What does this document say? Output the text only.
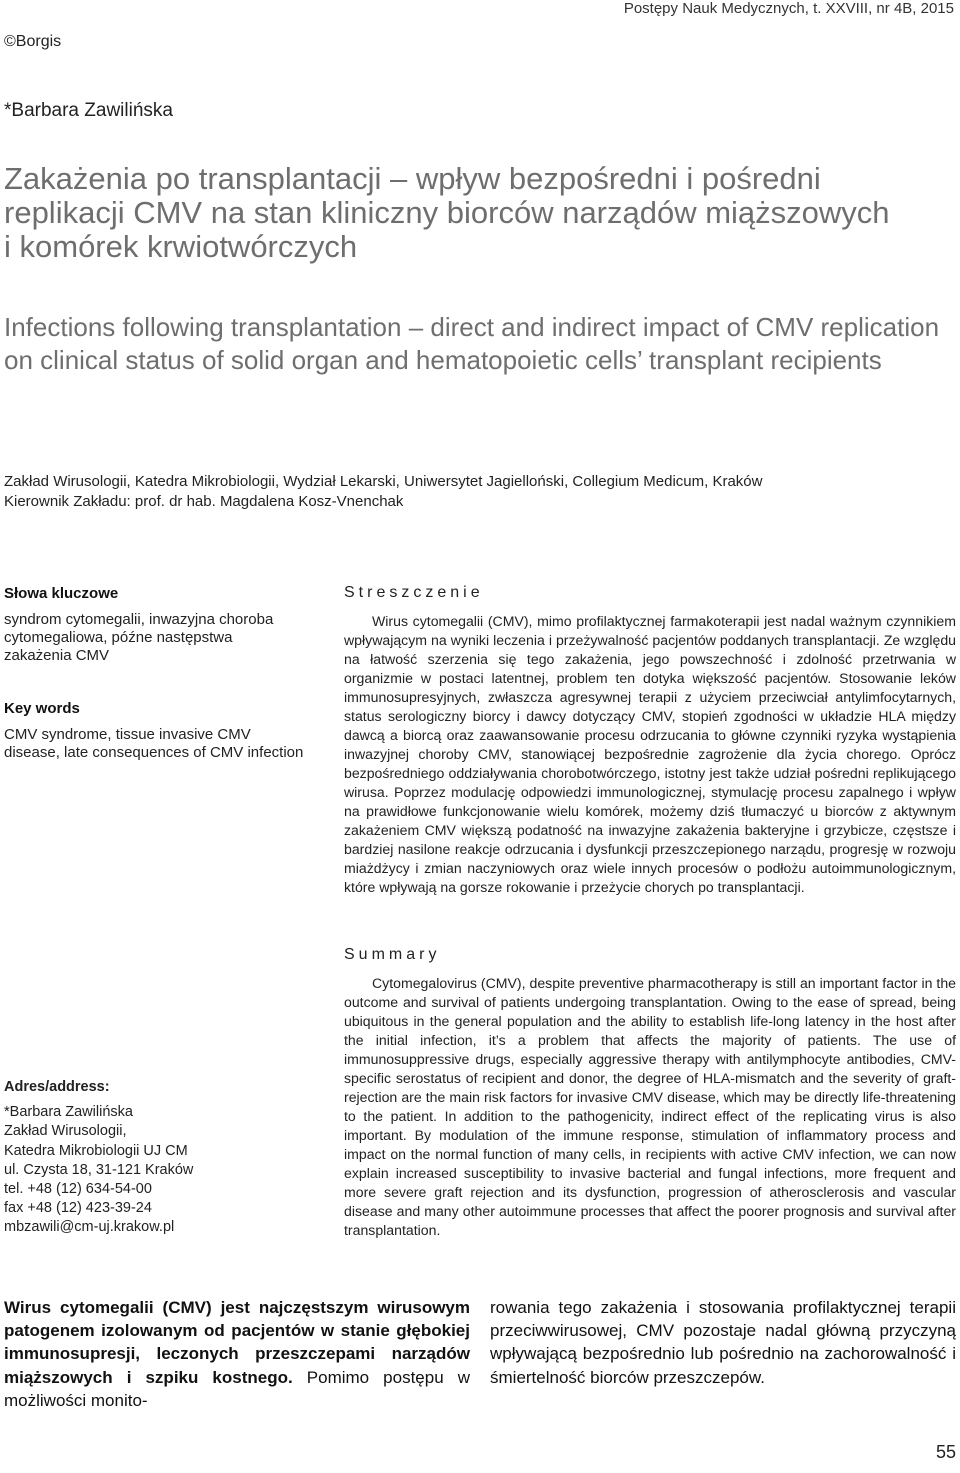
Postępy Nauk Medycznych, t. XXVIII, nr 4B, 2015
©Borgis
*Barbara Zawilińska
Zakażenia po transplantacji – wpływ bezpośredni i pośredni replikacji CMV na stan kliniczny biorców narządów miąższowych i komórek krwiotwórczych
Infections following transplantation – direct and indirect impact of CMV replication on clinical status of solid organ and hematopoietic cells’ transplant recipients
Zakład Wirusologii, Katedra Mikrobiologii, Wydział Lekarski, Uniwersytet Jagielloński, Collegium Medicum, Kraków
Kierownik Zakładu: prof. dr hab. Magdalena Kosz-Vnenchak
Słowa kluczowe
syndrom cytomegalii, inwazyjna choroba cytomegaliowa, późne następstwa zakażenia CMV
Key words
CMV syndrome, tissue invasive CMV disease, late consequences of CMV infection
Streszczenie
Wirus cytomegalii (CMV), mimo profilaktycznej farmakoterapii jest nadal ważnym czynnikiem wpływającym na wyniki leczenia i przeżywalność pacjentów poddanych transplantacji. Ze względu na łatwość szerzenia się tego zakażenia, jego powszechność i zdolność przetrwania w organizmie w postaci latentnej, problem ten dotyka większość pacjentów. Stosowanie leków immunosupresyjnych, zwłaszcza agresywnej terapii z użyciem przeciwciał antylimfocytarnych, status serologiczny biorcy i dawcy dotyczący CMV, stopień zgodności w układzie HLA między dawcą a biorcą oraz zaawansowanie procesu odrzucania to główne czynniki ryzyka wystąpienia inwazyjnej choroby CMV, stanowiącej bezpośrednie zagrożenie dla życia chorego. Oprócz bezpośredniego oddziaływania chorobotwórczego, istotny jest także udział pośredni replikującego wirusa. Poprzez modulację odpowiedzi immunologicznej, stymulację procesu zapalnego i wpływ na prawidłowe funkcjonowanie wielu komórek, możemy dziś tłumaczyć u biorców z aktywnym zakażeniem CMV większą podatność na inwazyjne zakażenia bakteryjne i grzybicze, częstsze i bardziej nasilone reakcje odrzucania i dysfunkcji przeszczepionego narządu, progresję w rozwoju miażdżycy i zmian naczyniowych oraz wiele innych procesów o podłożu autoimmunologicznym, które wpływają na gorsze rokowanie i przeżycie chorych po transplantacji.
Summary
Cytomegalovirus (CMV), despite preventive pharmacotherapy is still an important factor in the outcome and survival of patients undergoing transplantation. Owing to the ease of spread, being ubiquitous in the general population and the ability to establish life-long latency in the host after the initial infection, it’s a problem that affects the majority of patients. The use of immunosuppressive drugs, especially aggressive therapy with antilymphocyte antibodies, CMV-specific serostatus of recipient and donor, the degree of HLA-mismatch and the severity of graft-rejection are the main risk factors for invasive CMV disease, which may be directly life-threatening to the patient. In addition to the pathogenicity, indirect effect of the replicating virus is also important. By modulation of the immune response, stimulation of inflammatory process and impact on the normal function of many cells, in recipients with active CMV infection, we can now explain increased susceptibility to invasive bacterial and fungal infections, more frequent and more severe graft rejection and its dysfunction, progression of atherosclerosis and vascular disease and many other autoimmune processes that affect the poorer prognosis and survival after transplantation.
Adres/address:
*Barbara Zawilińska
Zakład Wirusologii,
Katedra Mikrobiologii UJ CM
ul. Czysta 18, 31-121 Kraków
tel. +48 (12) 634-54-00
fax +48 (12) 423-39-24
mbzawili@cm-uj.krakow.pl
Wirus cytomegalii (CMV) jest najczęstszym wirusowym patogenem izolowanym od pacjentów w stanie głębokiej immunosupresji, leczonych przeszczepami narządów miąższowych i szpiku kostnego. Pomimo postępu w możliwości monito-
rowania tego zakażenia i stosowania profilaktycznej terapii przeciwwirusowej, CMV pozostaje nadal główną przyczyną wpływającą bezpośrednio lub pośrednio na zachorowalność i śmiertelność biorców przeszczepów.
55
